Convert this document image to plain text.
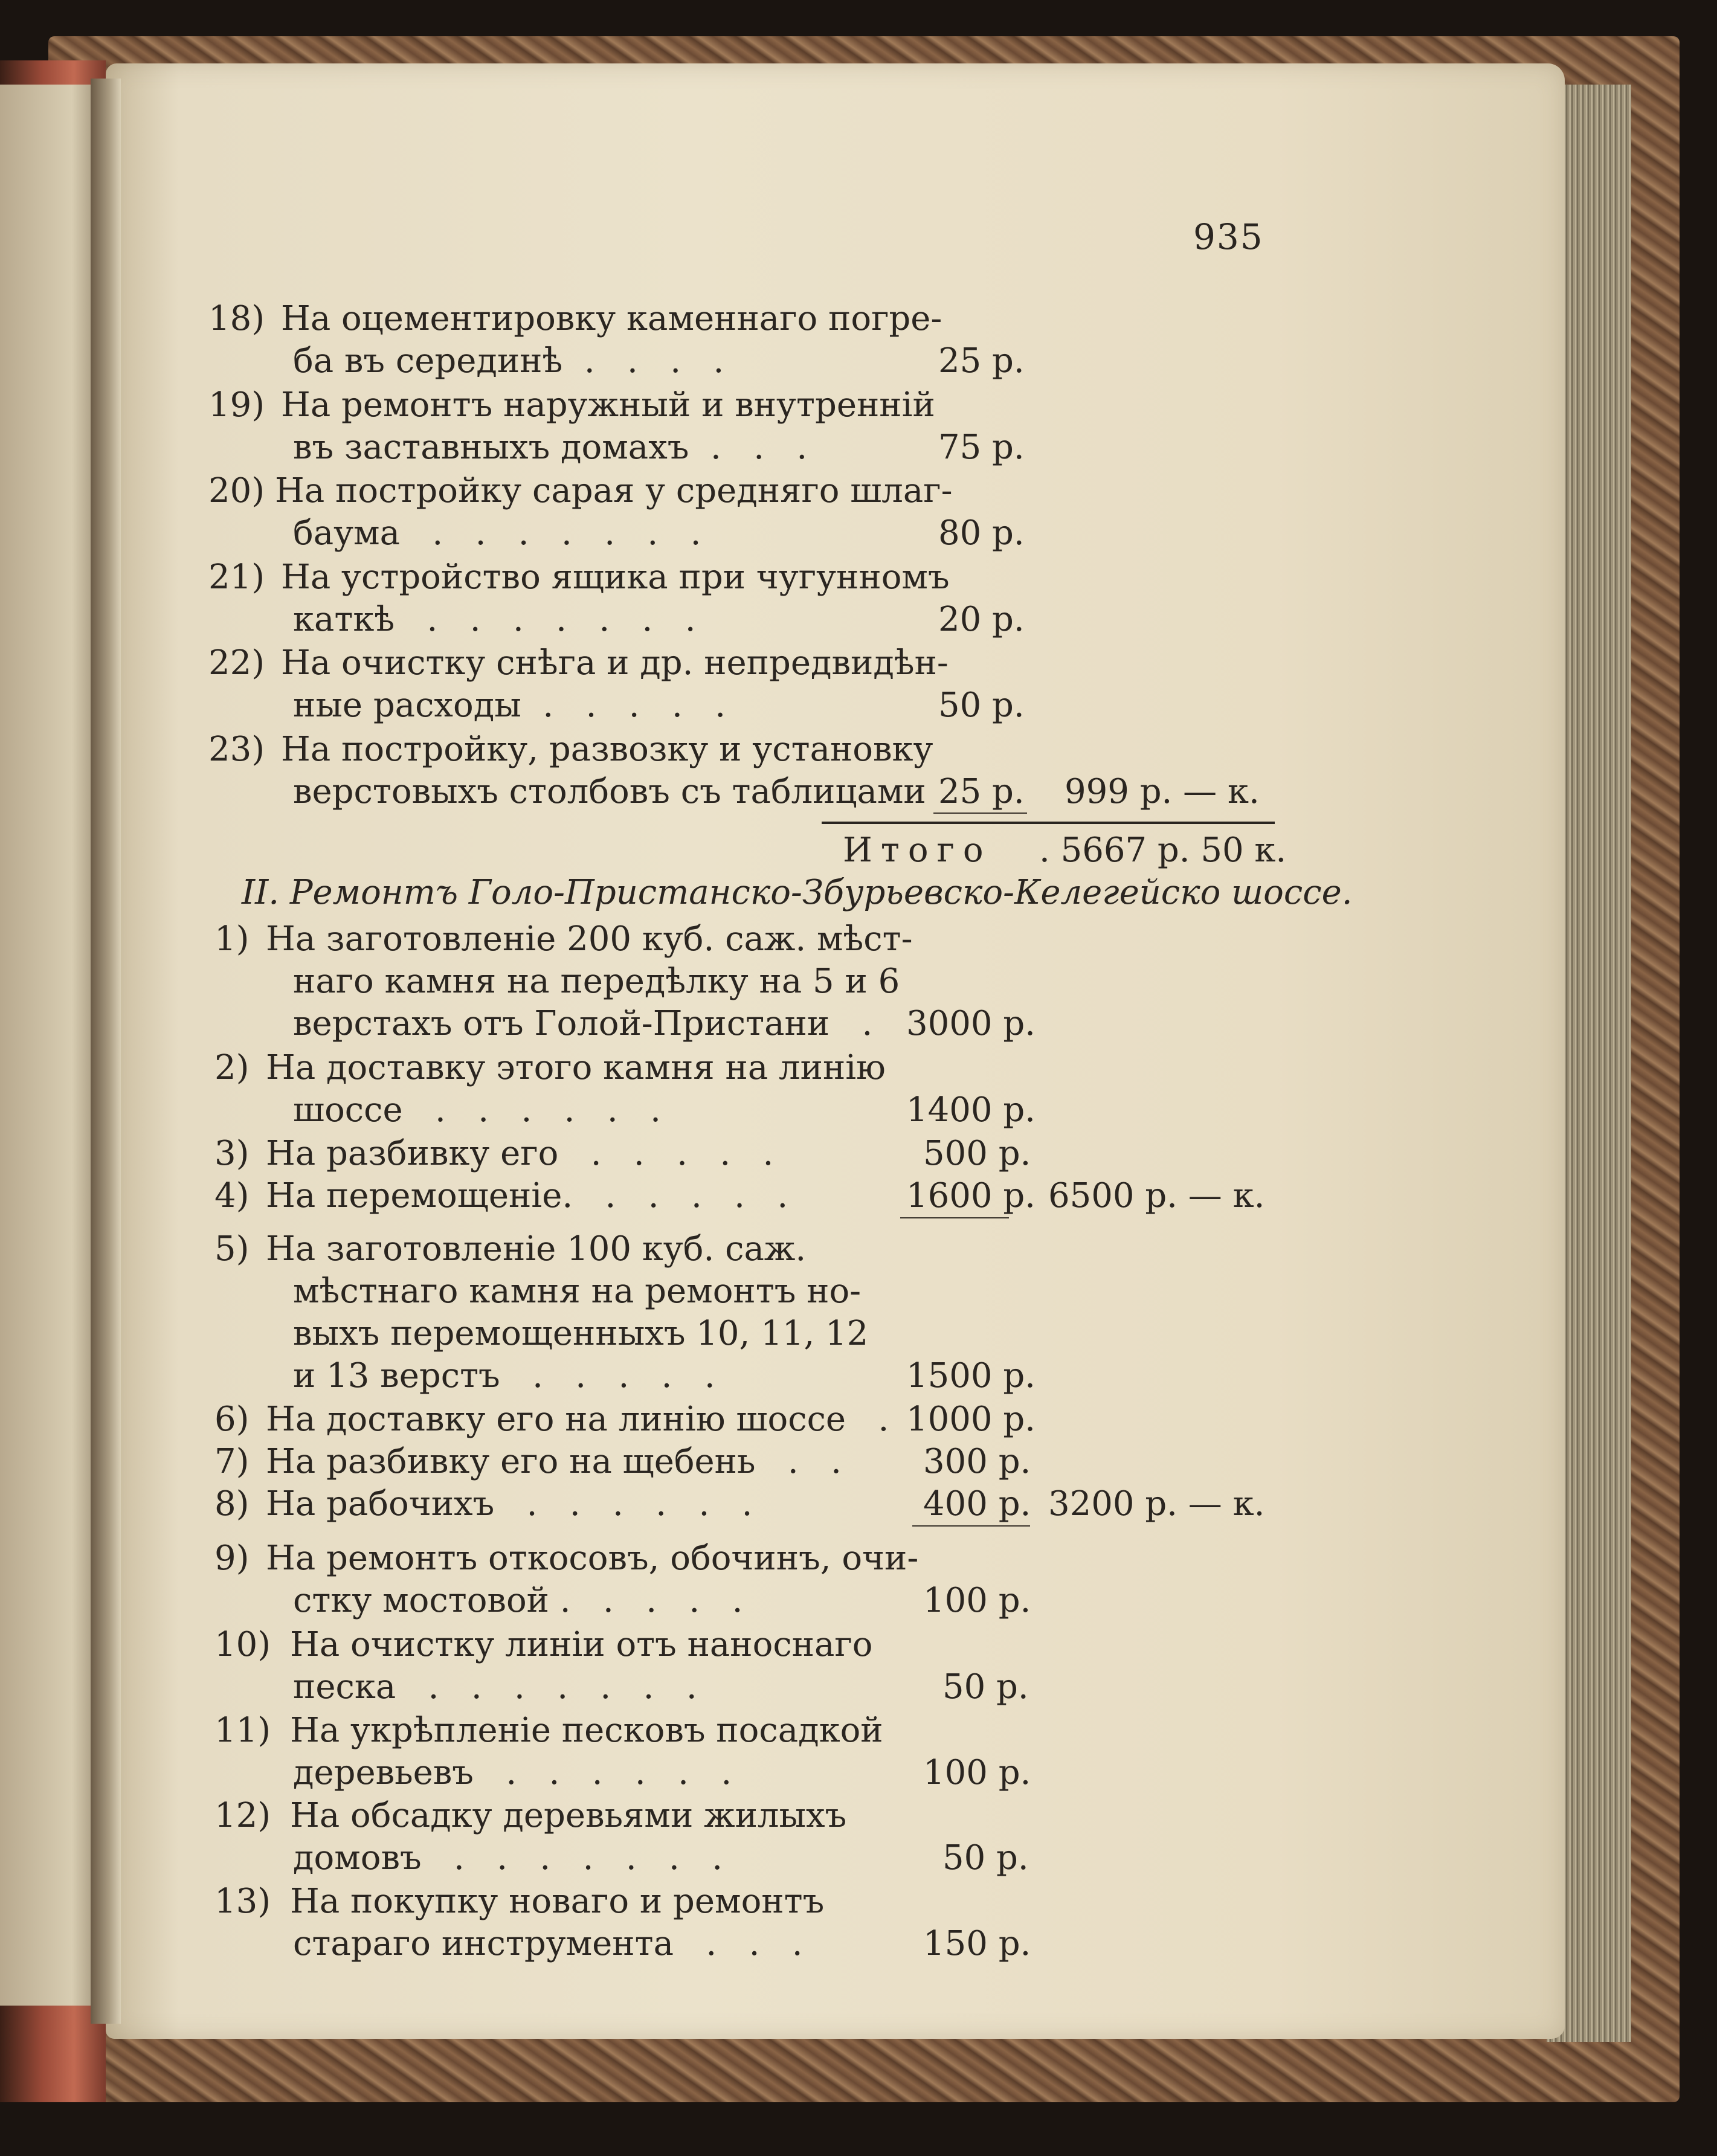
935
18) На оцементировку каменнаго погре-
ба въ серединѣ  .   .   .   .	25 р.
19) На ремонтъ наружный и внутренній
въ заставныхъ домахъ  .   .   .	75 р.
20) На постройку сарая у средняго шлаг-
баума   .   .   .   .   .   .   .	80 р.
21) На устройство ящика при чугунномъ
каткѣ   .   .   .   .   .   .   .	20 р.
22) На очистку снѣга и др. непредвидѣн-
ные расходы  .   .   .   .   .	50 р.
23) На постройку, развозку и установку
верстовыхъ столбовъ съ таблицами 25 р. 999 р. — к.
Итого . 5667 р. 50 к.
II. Ремонтъ Голо-Пристанско-Збурьевско-Келегейско шоссе.
1) На заготовленіе 200 куб. саж. мѣст-
наго камня на передѣлку на 5 и 6
верстахъ отъ Голой-Пристани   . 3000 р.
2) На доставку этого камня на линію
шоссе   .   .   .   .   .   .	1400 р.
3) На разбивку его   .   .   .   .   .	500 р.
4) На перемощеніе.   .   .   .   .   .	1600 р. 6500 р. — к.
5) На заготовленіе 100 куб. саж.
мѣстнаго камня на ремонтъ но-
выхъ перемощенныхъ 10, 11, 12
и 13 верстъ   .   .   .   .   .	1500 р.
6) На доставку его на линію шоссе   . 1000 р.
7) На разбивку его на щебень   .   . 300 р.
8) На рабочихъ   .   .   .   .   .   .	400 р. 3200 р. — к.
9) На ремонтъ откосовъ, обочинъ, очи-
стку мостовой .   .   .   .   .	100 р.
10) На очистку линіи отъ наноснаго
песка   .   .   .   .   .   .   .	50 р.
11) На укрѣпленіе песковъ посадкой
деревьевъ   .   .   .   .   .   .	100 р.
12) На обсадку деревьями жилыхъ
домовъ   .   .   .   .   .   .   .	50 р.
13) На покупку новаго и ремонтъ
стараго инструмента   .   .   .	150 р.
